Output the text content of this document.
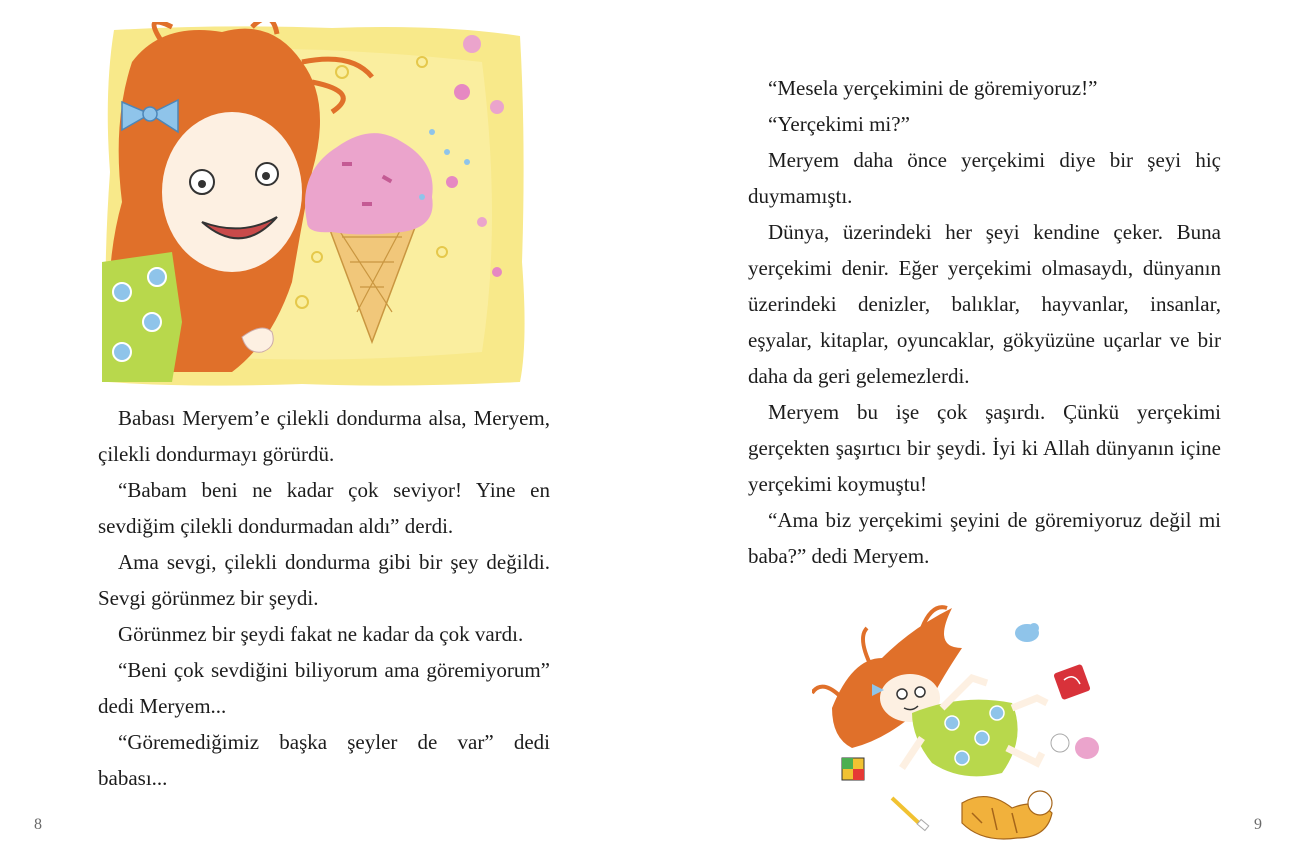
Babası Meryem’e çilekli dondurma alsa, Meryem, çilekli dondurmayı görürdü.

“Babam beni ne kadar çok seviyor! Yine en sevdiğim çilekli dondurmadan aldı” derdi.

Ama sevgi, çilekli dondurma gibi bir şey değildi. Sevgi görünmez bir şeydi.

Görünmez bir şeydi fakat ne kadar da çok vardı.

“Beni çok sevdiğini biliyorum ama göremiyorum” dedi Meryem...

“Göremediğimiz başka şeyler de var” dedi babası...

8

“Mesela yerçekimini de göremiyoruz!”

“Yerçekimi mi?”

Meryem daha önce yerçekimi diye bir şeyi hiç duymamıştı.

Dünya, üzerindeki her şeyi kendine çeker. Buna yerçekimi denir. Eğer yerçekimi olmasaydı, dünyanın üzerindeki denizler, balıklar, hayvanlar, insanlar, eşyalar, kitaplar, oyuncaklar, gökyüzüne uçarlar ve bir daha da geri gelemezlerdi.

Meryem bu işe çok şaşırdı. Çünkü yerçekimi gerçekten şaşırtıcı bir şeydi. İyi ki Allah dünyanın içine yerçekimi koymuştu!

“Ama biz yerçekimi şeyini de göremiyoruz değil mi baba?” dedi Meryem.

9
